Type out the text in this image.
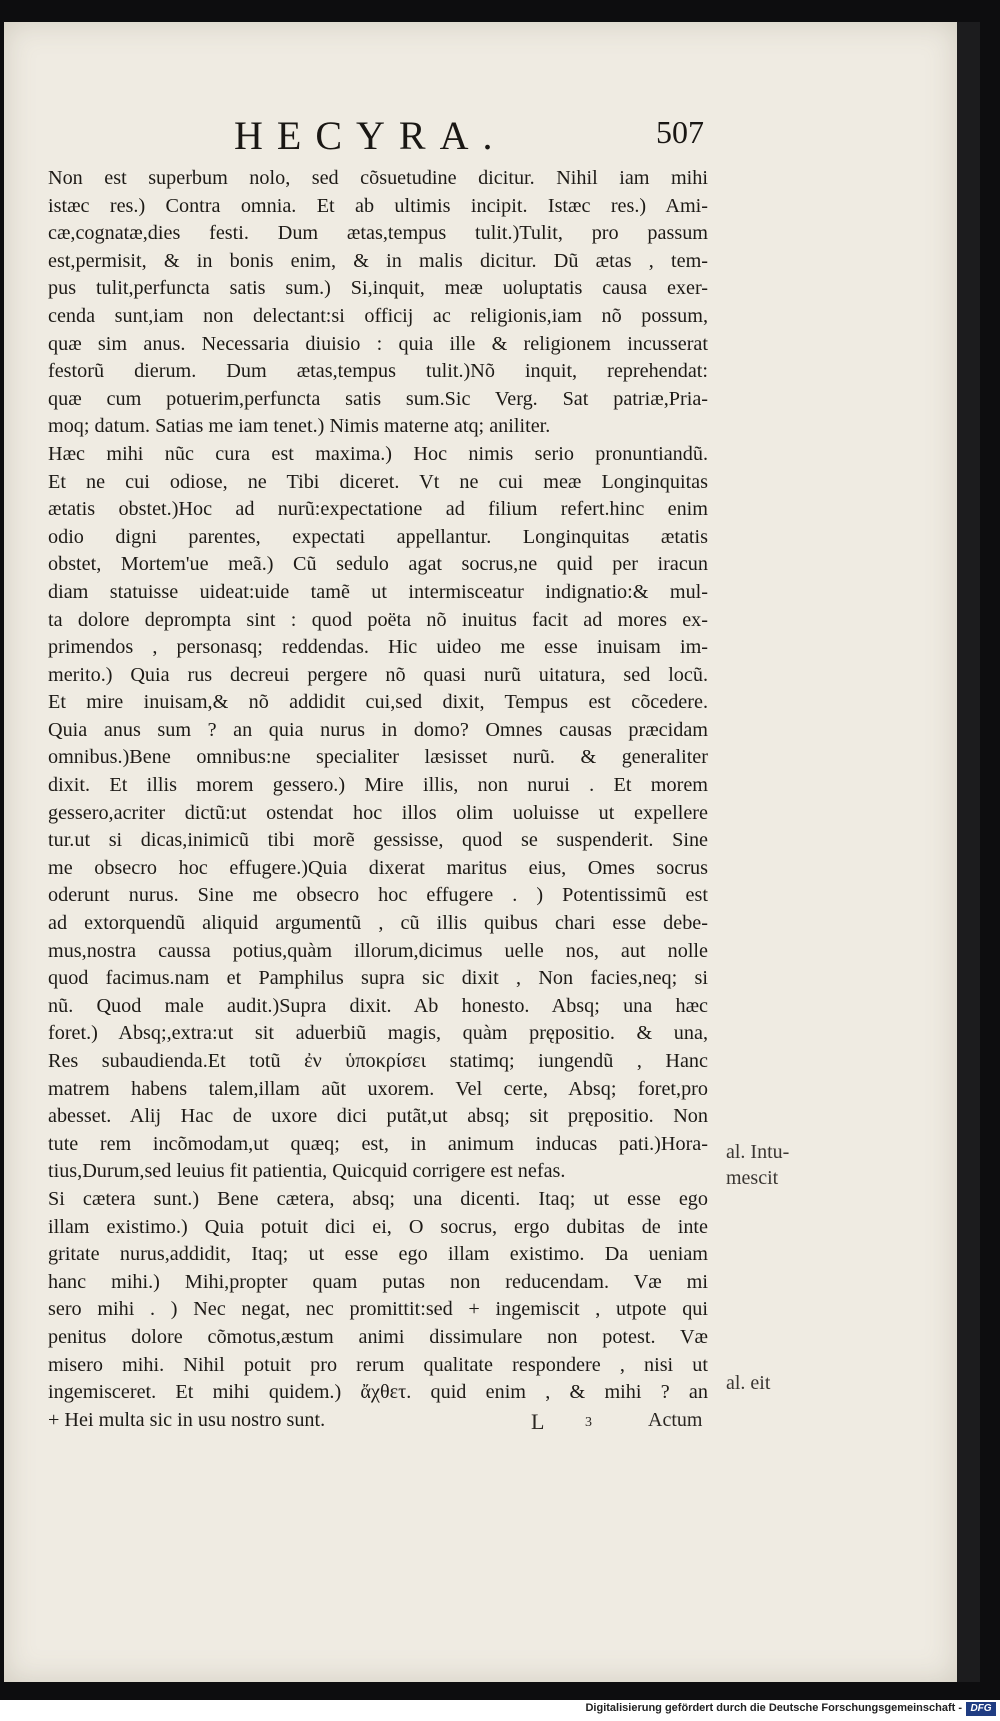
HECYRA.	507
Non est superbum nolo, sed cõsuetudine dicitur. Nihil iam mihi
istæc res.) Contra omnia. Et ab ultimis incipit. Istæc res.) Ami-
cæ,cognatæ,dies festi. Dum ætas,tempus tulit.)Tulit, pro passum
est,permisit, & in bonis enim, & in malis dicitur. Dũ ætas , tem-
pus tulit,perfuncta satis sum.) Si,inquit, meæ uoluptatis causa exer-
cenda sunt,iam non delectant:si officij ac religionis,iam nõ possum,
quæ sim anus. Necessaria diuisio : quia ille & religionem incusserat
festorũ dierum. Dum ætas,tempus tulit.)Nõ inquit, reprehendat:
quæ cum potuerim,perfuncta satis sum.Sic Verg. Sat patriæ,Pria-
moq; datum. Satias me iam tenet.) Nimis materne atq; aniliter.
Hæc mihi nũc cura est maxima.) Hoc nimis serio pronuntiandũ.
Et ne cui odiose, ne Tibi diceret. Vt ne cui meæ Longinquitas
ætatis obstet.)Hoc ad nurũ:expectatione ad filium refert.hinc enim
odio digni parentes, expectati appellantur. Longinquitas ætatis
obstet, Mortem'ue meã.) Cũ sedulo agat socrus,ne quid per iracun
diam statuisse uideat:uide tamẽ ut intermisceatur indignatio:& mul-
ta dolore deprompta sint : quod poëta nõ inuitus facit ad mores ex-
primendos , personasq; reddendas. Hic uideo me esse inuisam im-
merito.) Quia rus decreui pergere nõ quasi nurũ uitatura, sed locũ.
Et mire inuisam,& nõ addidit cui,sed dixit, Tempus est cõcedere.
Quia anus sum ? an quia nurus in domo? Omnes causas præcidam
omnibus.)Bene omnibus:ne specialiter læsisset nurũ. & generaliter
dixit. Et illis morem gessero.) Mire illis, non nurui . Et morem
gessero,acriter dictũ:ut ostendat hoc illos olim uoluisse ut expellere
tur.ut si dicas,inimicũ tibi morẽ gessisse, quod se suspenderit. Sine
me obsecro hoc effugere.)Quia dixerat maritus eius, Omes socrus
oderunt nurus. Sine me obsecro hoc effugere . ) Potentissimũ est
ad extorquendũ aliquid argumentũ , cũ illis quibus chari esse debe-
mus,nostra caussa potius,quàm illorum,dicimus uelle nos, aut nolle
quod facimus.nam et Pamphilus supra sic dixit , Non facies,neq; si
nũ. Quod male audit.)Supra dixit. Ab honesto. Absq; una hæc
foret.) Absq;,extra:ut sit aduerbiũ magis, quàm prępositio. & una,
Res subaudienda.Et totũ ἐν ὑποκρίσει statimq; iungendũ , Hanc
matrem habens talem,illam aũt uxorem. Vel certe, Absq; foret,pro
abesset. Alij Hac de uxore dici putãt,ut absq; sit prępositio. Non
tute rem incõmodam,ut quæq; est, in animum inducas pati.)Hora-
tius,Durum,sed leuius fit patientia, Quicquid corrigere est nefas.
Si cætera sunt.) Bene cætera, absq; una dicenti. Itaq; ut esse ego
illam existimo.) Quia potuit dici ei, O socrus, ergo dubitas de inte
gritate nurus,addidit, Itaq; ut esse ego illam existimo. Da ueniam
hanc mihi.) Mihi,propter quam putas non reducendam. Væ mi
sero mihi . ) Nec negat, nec promittit:sed + ingemiscit , utpote qui
penitus dolore cõmotus,æstum animi dissimulare non potest. Væ
misero mihi. Nihil potuit pro rerum qualitate respondere , nisi ut
ingemisceret. Et mihi quidem.) ἄχθετ. quid enim , & mihi ? an
+ Hei multa sic in usu nostro sunt.
al. Intu-
mescit
al. eit
L	3	Actum
Digitalisierung gefördert durch die Deutsche Forschungsgemeinschaft - DFG
